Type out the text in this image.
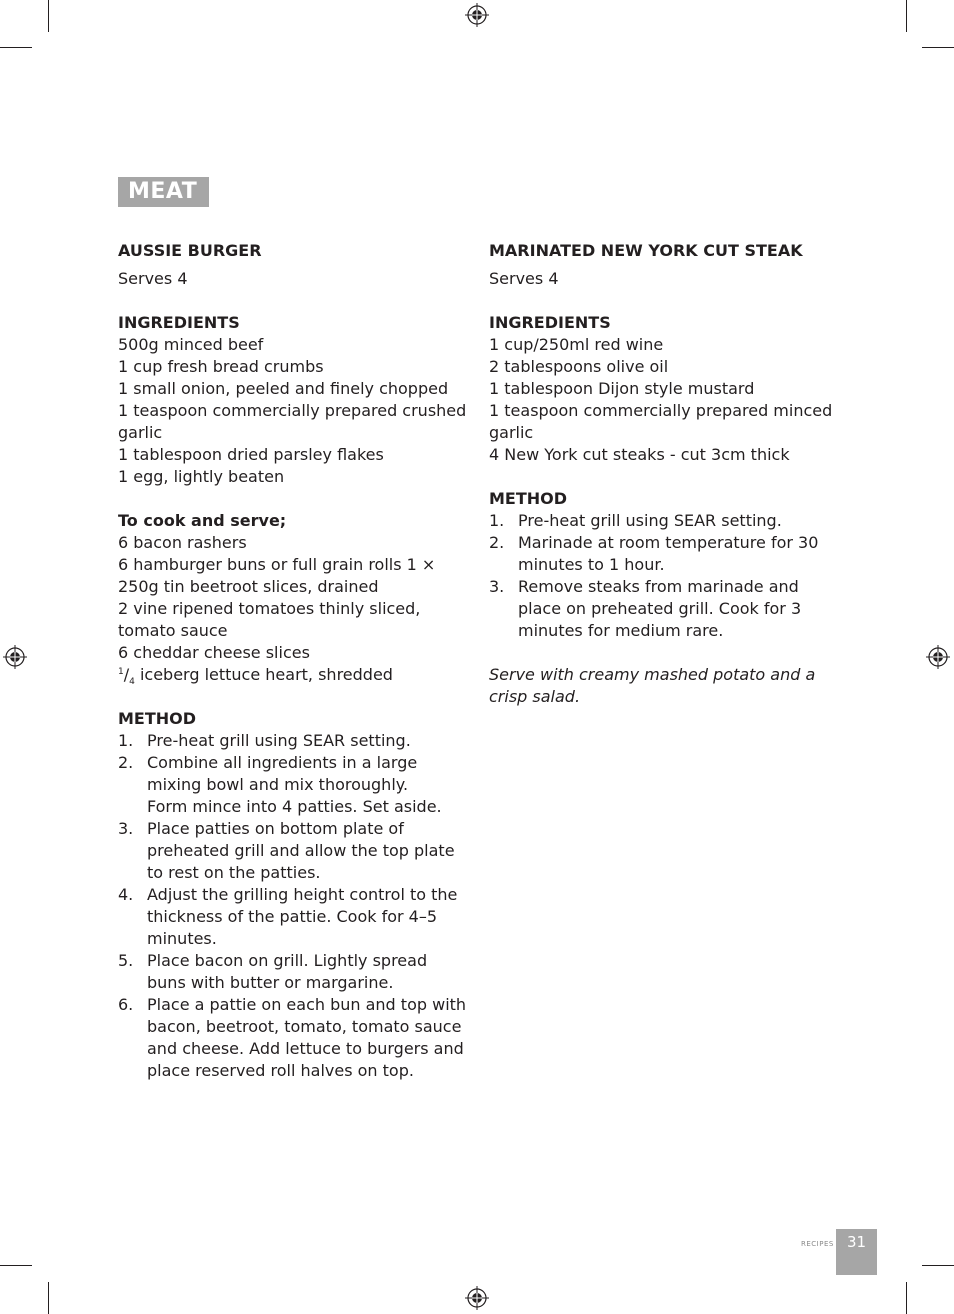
MEAT
AUSSIE BURGER
Serves 4
INGREDIENTS
500g minced beef
1 cup fresh bread crumbs
1 small onion, peeled and finely chopped
1 teaspoon commercially prepared crushed garlic
1 tablespoon dried parsley flakes
1 egg, lightly beaten
To cook and serve;
6 bacon rashers
6 hamburger buns or full grain rolls 1 × 250g tin beetroot slices, drained
2 vine ripened tomatoes thinly sliced, tomato sauce
6 cheddar cheese slices
$^1/_4$ iceberg lettuce heart, shredded
METHOD
1. Pre-heat grill using SEAR setting.
2. Combine all ingredients in a large mixing bowl and mix thoroughly.
Form mince into 4 patties. Set aside.
3. Place patties on bottom plate of preheated grill and allow the top plate to rest on the patties.
4. Adjust the grilling height control to the thickness of the pattie. Cook for 4–5 minutes.
5. Place bacon on grill. Lightly spread buns with butter or margarine.
6. Place a pattie on each bun and top with bacon, beetroot, tomato, tomato sauce and cheese. Add lettuce to burgers and place reserved roll halves on top.
MARINATED NEW YORK CUT STEAK
Serves 4
INGREDIENTS
1 cup/250ml red wine
2 tablespoons olive oil
1 tablespoon Dijon style mustard
1 teaspoon commercially prepared minced garlic
4 New York cut steaks - cut 3cm thick
METHOD
1. Pre-heat grill using SEAR setting.
2. Marinade at room temperature for 30 minutes to 1 hour.
3. Remove steaks from marinade and place on preheated grill. Cook for 3 minutes for medium rare.
Serve with creamy mashed potato and a crisp salad.
RECIPES 31
